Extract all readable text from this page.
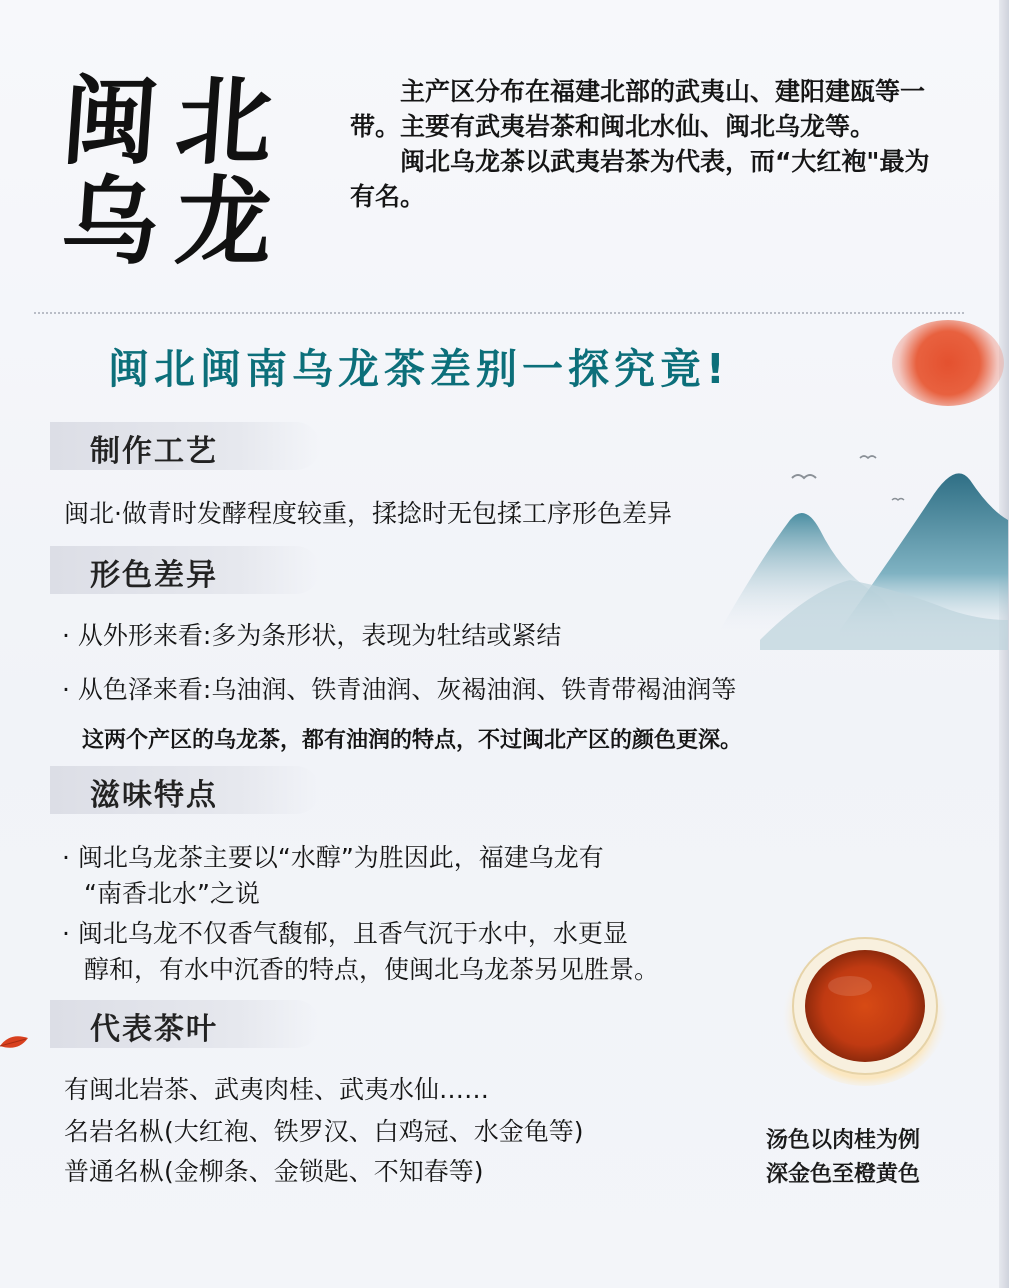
闽 北
乌 龙

主产区分布在福建北部的武夷山、建阳建瓯等一带。主要有武夷岩茶和闽北水仙、闽北乌龙等。

闽北乌龙茶以武夷岩茶为代表，而“大红袍"最为有名。

闽北闽南乌龙茶差别一探究竟!
制作工艺
闽北·做青时发酵程度较重，揉捻时无包揉工序形色差异
形色差异
· 从外形来看:多为条形状，表现为牡结或紧结
· 从色泽来看:乌油润、铁青油润、灰褐油润、铁青带褐油润等
这两个产区的乌龙茶，都有油润的特点，不过闽北产区的颜色更深。
滋味特点
· 闽北乌龙茶主要以“水醇”为胜因此，福建乌龙有
“南香北水”之说
· 闽北乌龙不仅香气馥郁，且香气沉于水中，水更显
醇和，有水中沉香的特点，使闽北乌龙茶另见胜景。
代表茶叶
有闽北岩茶、武夷肉桂、武夷水仙……
名岩名枞(大红袍、铁罗汉、白鸡冠、水金龟等)
普通名枞(金柳条、金锁匙、不知春等)
汤色以肉桂为例
深金色至橙黄色
